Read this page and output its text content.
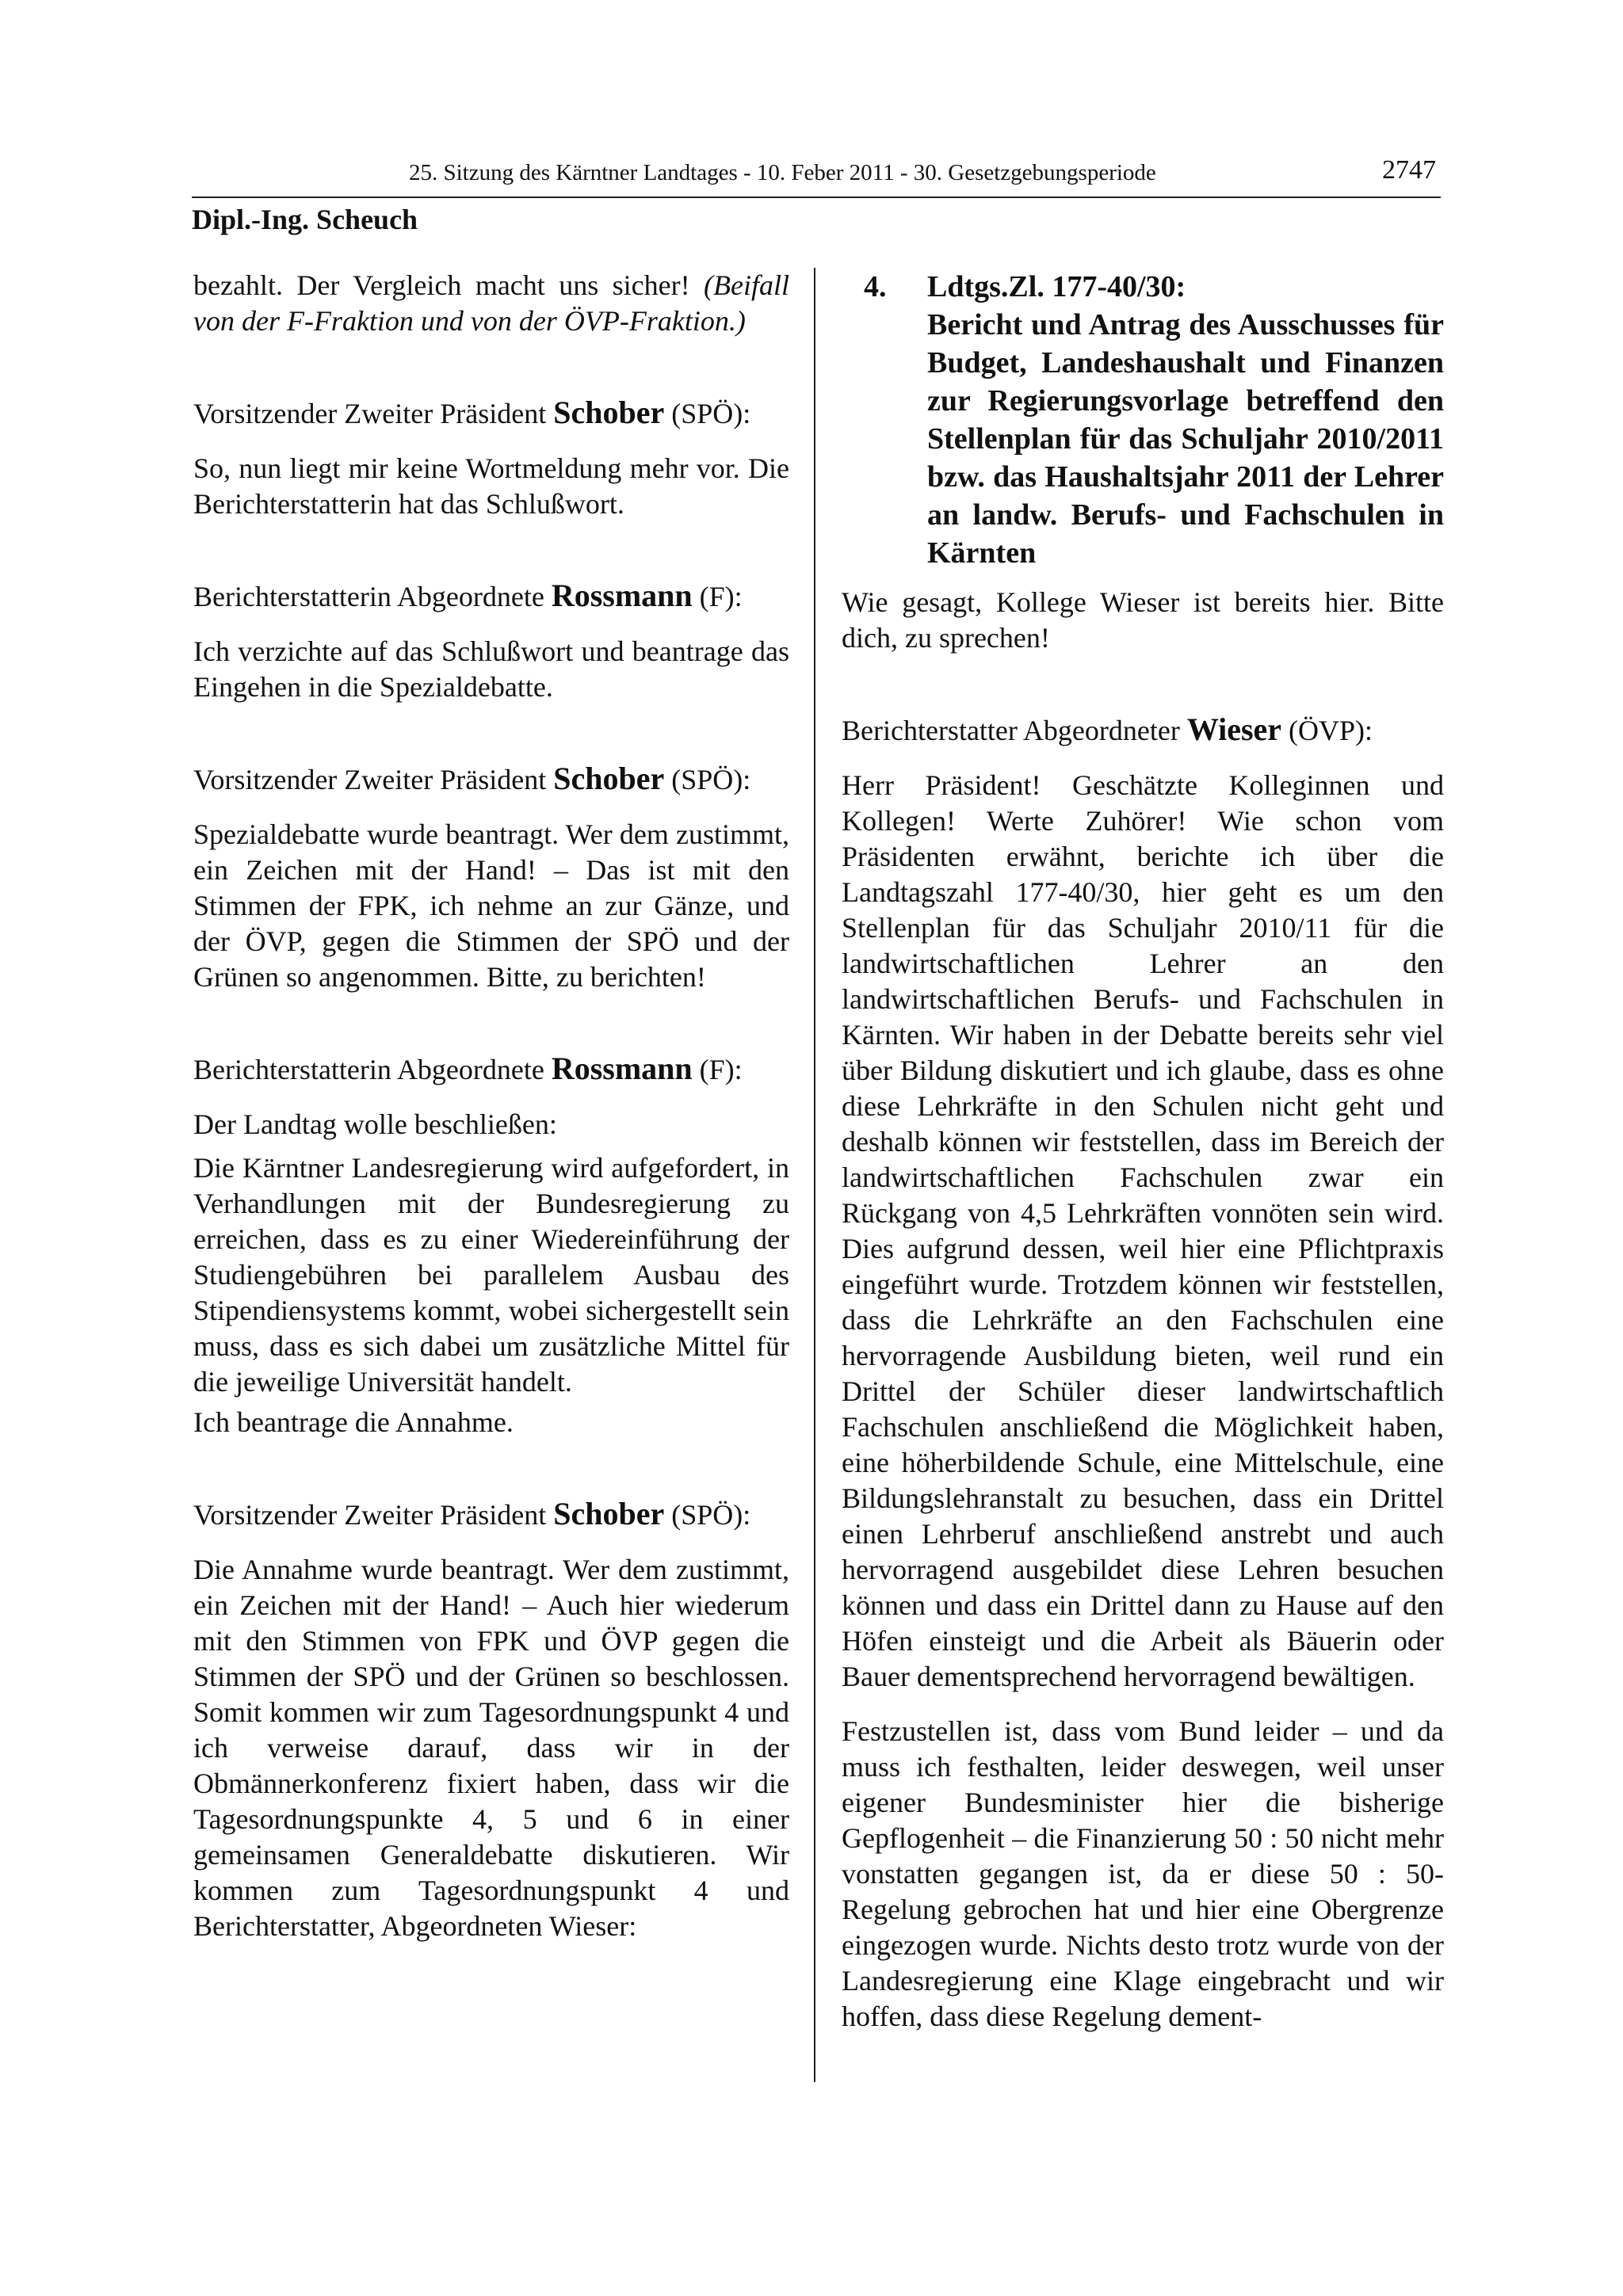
25. Sitzung des Kärntner Landtages - 10. Feber 2011 - 30. Gesetzgebungsperiode	2747
Dipl.-Ing. Scheuch

bezahlt. Der Vergleich macht uns sicher! (Beifall von der F-Fraktion und von der ÖVP-Fraktion.)

Vorsitzender Zweiter Präsident Schober (SPÖ):

So, nun liegt mir keine Wortmeldung mehr vor. Die Berichterstatterin hat das Schlußwort.

Berichterstatterin Abgeordnete Rossmann (F):

Ich verzichte auf das Schlußwort und beantrage das Eingehen in die Spezialdebatte.

Vorsitzender Zweiter Präsident Schober (SPÖ):

Spezialdebatte wurde beantragt. Wer dem zustimmt, ein Zeichen mit der Hand! – Das ist mit den Stimmen der FPK, ich nehme an zur Gänze, und der ÖVP, gegen die Stimmen der SPÖ und der Grünen so angenommen. Bitte, zu berichten!

Berichterstatterin Abgeordnete Rossmann (F):

Der Landtag wolle beschließen:

Die Kärntner Landesregierung wird aufgefordert, in Verhandlungen mit der Bundesregierung zu erreichen, dass es zu einer Wiedereinführung der Studiengebühren bei parallelem Ausbau des Stipendiensystems kommt, wobei sichergestellt sein muss, dass es sich dabei um zusätzliche Mittel für die jeweilige Universität handelt.

Ich beantrage die Annahme.

Vorsitzender Zweiter Präsident Schober (SPÖ):

Die Annahme wurde beantragt. Wer dem zustimmt, ein Zeichen mit der Hand! – Auch hier wiederum mit den Stimmen von FPK und ÖVP gegen die Stimmen der SPÖ und der Grünen so beschlossen. Somit kommen wir zum Tagesordnungspunkt 4 und ich verweise darauf, dass wir in der Obmännerkonferenz fixiert haben, dass wir die Tagesordnungspunkte 4, 5 und 6 in einer gemeinsamen Generaldebatte diskutieren. Wir kommen zum Tagesordnungspunkt 4 und Berichterstatter, Abgeordneten Wieser:

4.	Ldtgs.Zl. 177-40/30:
Bericht und Antrag des Ausschusses für Budget, Landeshaushalt und Finanzen zur Regierungsvorlage betreffend den Stellenplan für das Schuljahr 2010/2011 bzw. das Haushaltsjahr 2011 der Lehrer an landw. Berufs- und Fachschulen in Kärnten

Wie gesagt, Kollege Wieser ist bereits hier. Bitte dich, zu sprechen!

Berichterstatter Abgeordneter Wieser (ÖVP):

Herr Präsident! Geschätzte Kolleginnen und Kollegen! Werte Zuhörer! Wie schon vom Präsidenten erwähnt, berichte ich über die Landtagszahl 177-40/30, hier geht es um den Stellenplan für das Schuljahr 2010/11 für die landwirtschaftlichen Lehrer an den landwirtschaftlichen Berufs- und Fachschulen in Kärnten. Wir haben in der Debatte bereits sehr viel über Bildung diskutiert und ich glaube, dass es ohne diese Lehrkräfte in den Schulen nicht geht und deshalb können wir feststellen, dass im Bereich der landwirtschaftlichen Fachschulen zwar ein Rückgang von 4,5 Lehrkräften vonnöten sein wird. Dies aufgrund dessen, weil hier eine Pflichtpraxis eingeführt wurde. Trotzdem können wir feststellen, dass die Lehrkräfte an den Fachschulen eine hervorragende Ausbildung bieten, weil rund ein Drittel der Schüler dieser landwirtschaftlich Fachschulen anschließend die Möglichkeit haben, eine höherbildende Schule, eine Mittelschule, eine Bildungslehranstalt zu besuchen, dass ein Drittel einen Lehrberuf anschließend anstrebt und auch hervorragend ausgebildet diese Lehren besuchen können und dass ein Drittel dann zu Hause auf den Höfen einsteigt und die Arbeit als Bäuerin oder Bauer dementsprechend hervorragend bewältigen.

Festzustellen ist, dass vom Bund leider – und da muss ich festhalten, leider deswegen, weil unser eigener Bundesminister hier die bisherige Gepflogenheit – die Finanzierung 50 : 50 nicht mehr vonstatten gegangen ist, da er diese 50 : 50-Regelung gebrochen hat und hier eine Obergrenze eingezogen wurde. Nichts desto trotz wurde von der Landesregierung eine Klage eingebracht und wir hoffen, dass diese Regelung dement-
